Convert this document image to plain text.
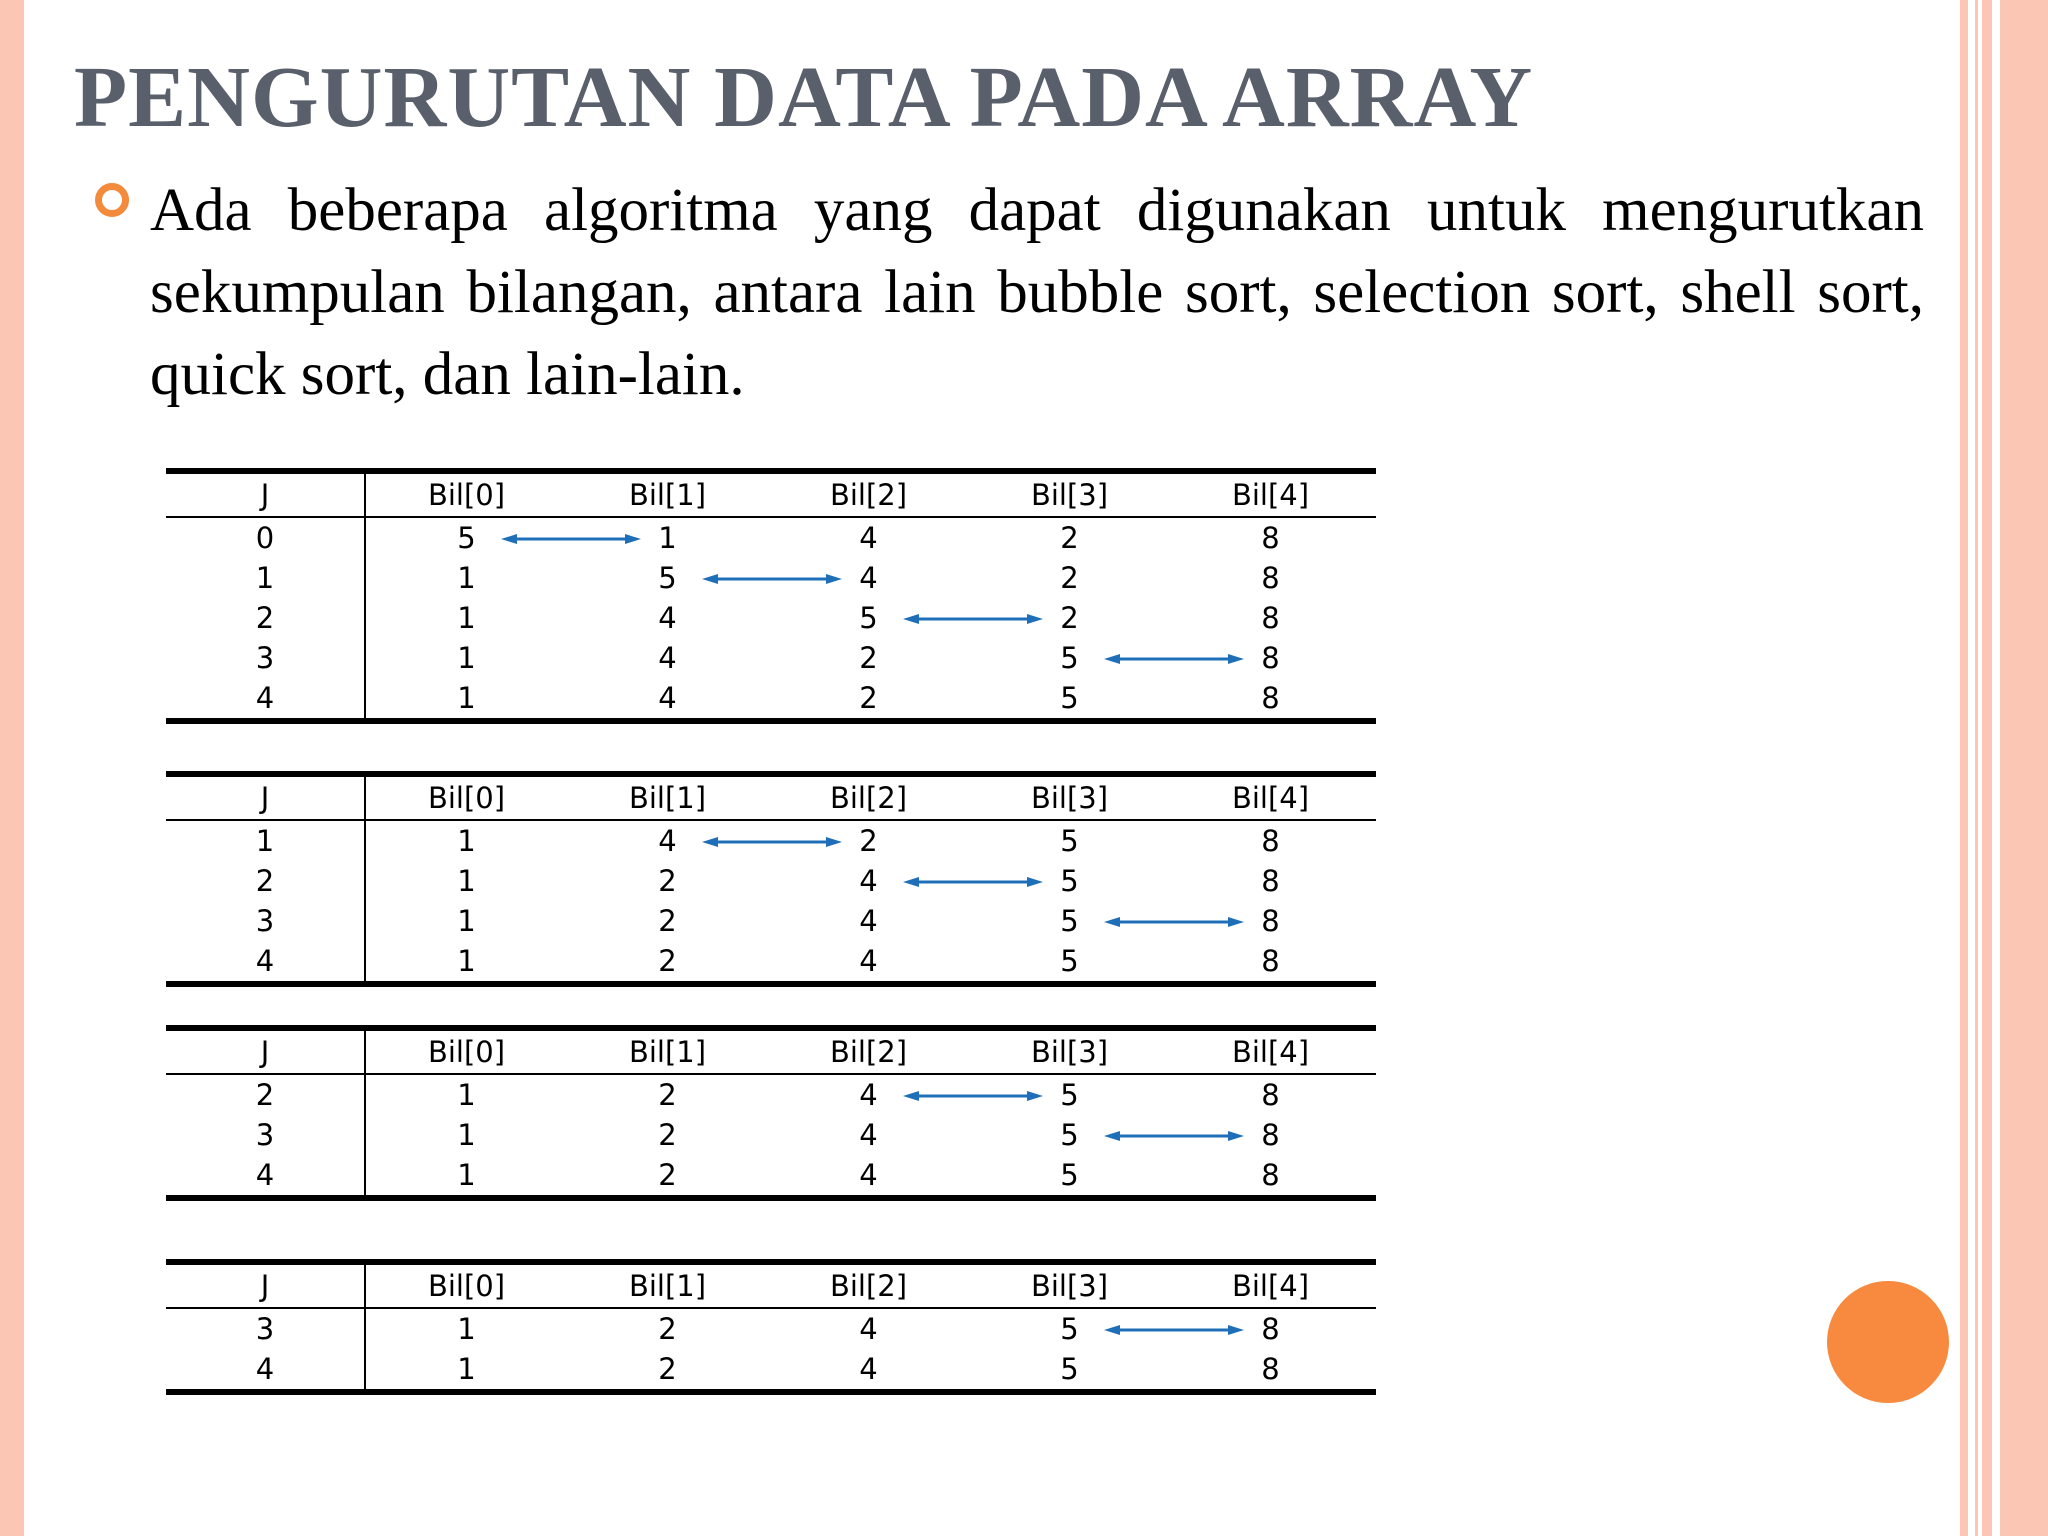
PENGURUTAN DATA PADA ARRAY

Ada beberapa algoritma yang dapat digunakan untuk mengurutkan sekumpulan bilangan, antara lain bubble sort, selection sort, shell sort, quick sort, dan lain-lain.

J	Bil[0]	Bil[1]	Bil[2]	Bil[3]	Bil[4]
0	5	1	4	2	8
1	1	5	4	2	8
2	1	4	5	2	8
3	1	4	2	5	8
4	1	4	2	5	8
J	Bil[0]	Bil[1]	Bil[2]	Bil[3]	Bil[4]
1	1	4	2	5	8
2	1	2	4	5	8
3	1	2	4	5	8
4	1	2	4	5	8
J	Bil[0]	Bil[1]	Bil[2]	Bil[3]	Bil[4]
2	1	2	4	5	8
3	1	2	4	5	8
4	1	2	4	5	8
J	Bil[0]	Bil[1]	Bil[2]	Bil[3]	Bil[4]
3	1	2	4	5	8
4	1	2	4	5	8
